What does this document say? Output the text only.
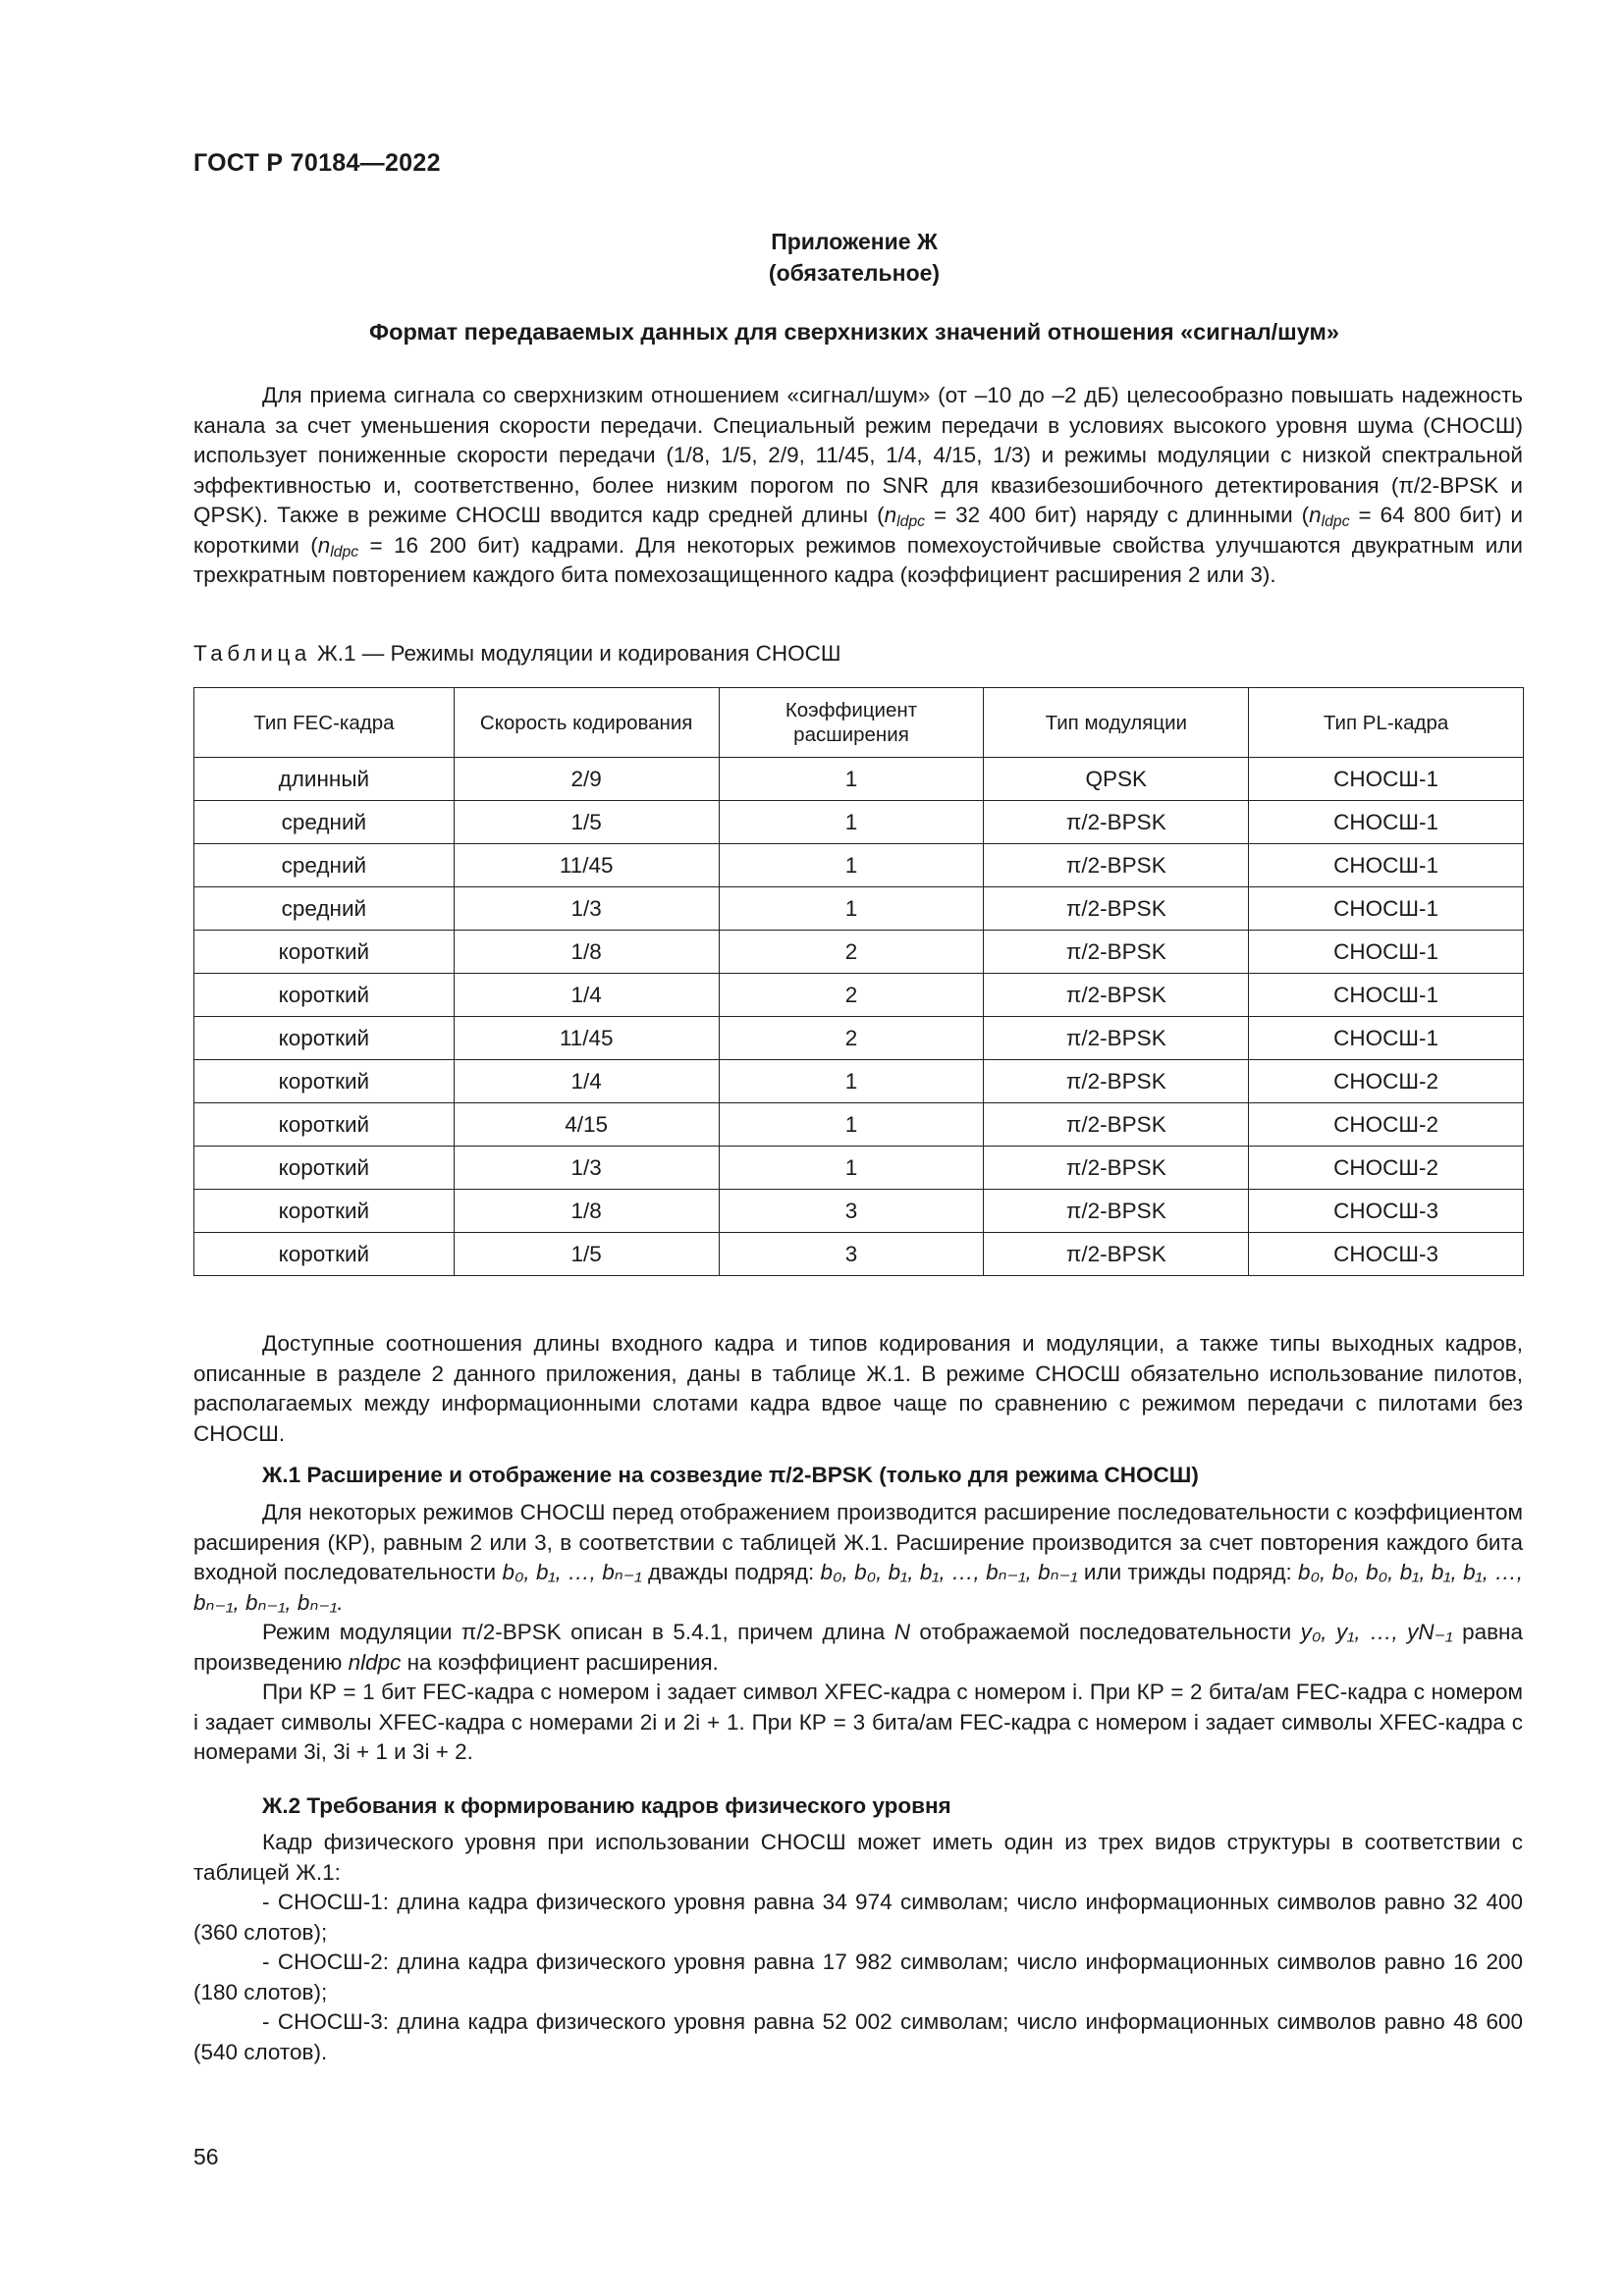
ГОСТ Р 70184—2022
Приложение Ж
(обязательное)
Формат передаваемых данных для сверхнизких значений отношения «сигнал/шум»

Для приема сигнала со сверхнизким отношением «сигнал/шум» (от –10 до –2 дБ) целесообразно повышать надежность канала за счет уменьшения скорости передачи. Специальный режим передачи в условиях высокого уровня шума (СНОСШ) использует пониженные скорости передачи (1/8, 1/5, 2/9, 11/45, 1/4, 4/15, 1/3) и режимы модуляции с низкой спектральной эффективностью и, соответственно, более низким порогом по SNR для квазибезошибочного детектирования (π/2-BPSK и QPSK). Также в режиме СНОСШ вводится кадр средней длины ($n_{ldpc} = 32$ 400 бит) наряду с длинными ($n_{ldpc} = 64$ 800 бит) и короткими ($n_{ldpc} = 16$ 200 бит) кадрами. Для некоторых режимов помехоустойчивые свойства улучшаются двукратным или трехкратным повторением каждого бита помехозащищенного кадра (коэффициент расширения 2 или 3).

Таблица Ж.1 — Режимы модуляции и кодирования СНОСШ
Тип FEC-кадра	Скорость кодирования	Коэффициент расширения	Тип модуляции	Тип PL-кадра
длинный	2/9	1	QPSK	СНОСШ-1
средний	1/5	1	π/2-BPSK	СНОСШ-1
средний	11/45	1	π/2-BPSK	СНОСШ-1
средний	1/3	1	π/2-BPSK	СНОСШ-1
короткий	1/8	2	π/2-BPSK	СНОСШ-1
короткий	1/4	2	π/2-BPSK	СНОСШ-1
короткий	11/45	2	π/2-BPSK	СНОСШ-1
короткий	1/4	1	π/2-BPSK	СНОСШ-2
короткий	4/15	1	π/2-BPSK	СНОСШ-2
короткий	1/3	1	π/2-BPSK	СНОСШ-2
короткий	1/8	3	π/2-BPSK	СНОСШ-3
короткий	1/5	3	π/2-BPSK	СНОСШ-3

Доступные соотношения длины входного кадра и типов кодирования и модуляции, а также типы выходных кадров, описанные в разделе 2 данного приложения, даны в таблице Ж.1. В режиме СНОСШ обязательно использование пилотов, располагаемых между информационными слотами кадра вдвое чаще по сравнению с режимом передачи с пилотами без СНОСШ.

Ж.1 Расширение и отображение на созвездие π/2-BPSK (только для режима СНОСШ)

Для некоторых режимов СНОСШ перед отображением производится расширение последовательности с коэффициентом расширения (КР), равным 2 или 3, в соответствии с таблицей Ж.1. Расширение производится за счет повторения каждого бита входной последовательности b₀, b₁, …, bₙ₋₁ дважды подряд: b₀, b₀, b₁, b₁, …, bₙ₋₁, bₙ₋₁ или трижды подряд: b₀, b₀, b₀, b₁, b₁, b₁, …, bₙ₋₁, bₙ₋₁, bₙ₋₁.

Режим модуляции π/2-BPSK описан в 5.4.1, причем длина N отображаемой последовательности y₀, y₁, …, yN₋₁ равна произведению nldpc на коэффициент расширения.

При КР = 1 бит FEC-кадра с номером i задает символ XFEC-кадра с номером i. При КР = 2 бита/ам FEC-кадра с номером i задает символы XFEC-кадра с номерами 2i и 2i + 1. При КР = 3 бита/ам FEC-кадра с номером i задает символы XFEC-кадра с номерами 3i, 3i + 1 и 3i + 2.

Ж.2 Требования к формированию кадров физического уровня

Кадр физического уровня при использовании СНОСШ может иметь один из трех видов структуры в соответствии с таблицей Ж.1:

- СНОСШ-1: длина кадра физического уровня равна 34 974 символам; число информационных символов равно 32 400 (360 слотов);

- СНОСШ-2: длина кадра физического уровня равна 17 982 символам; число информационных символов равно 16 200 (180 слотов);

- СНОСШ-3: длина кадра физического уровня равна 52 002 символам; число информационных символов равно 48 600 (540 слотов).

56
